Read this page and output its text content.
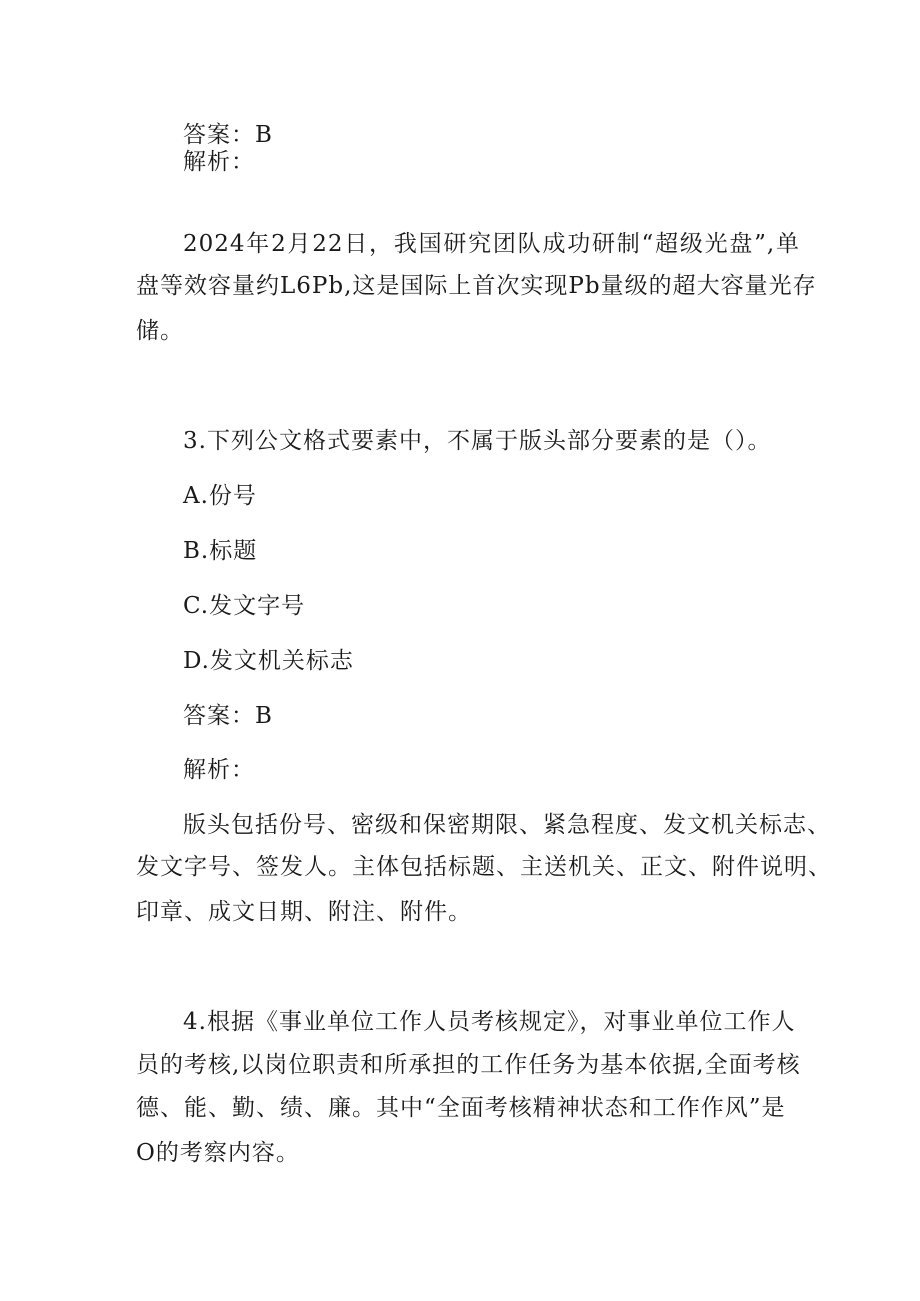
答案：B
解析：
2024年2月22日，我国研究团队成功研制“超级光盘”,单
盘等效容量约L6Pb,这是国际上首次实现Pb量级的超大容量光存
储。
3.下列公文格式要素中，不属于版头部分要素的是（）。
A.份号
B.标题
C.发文字号
D.发文机关标志
答案：B
解析：
版头包括份号、密级和保密期限、紧急程度、发文机关标志、
发文字号、签发人。主体包括标题、主送机关、正文、附件说明、
印章、成文日期、附注、附件。
4.根据《事业单位工作人员考核规定》，对事业单位工作人
员的考核,以岗位职责和所承担的工作任务为基本依据,全面考核
德、能、勤、绩、廉。其中“全面考核精神状态和工作作风”是
O的考察内容。
